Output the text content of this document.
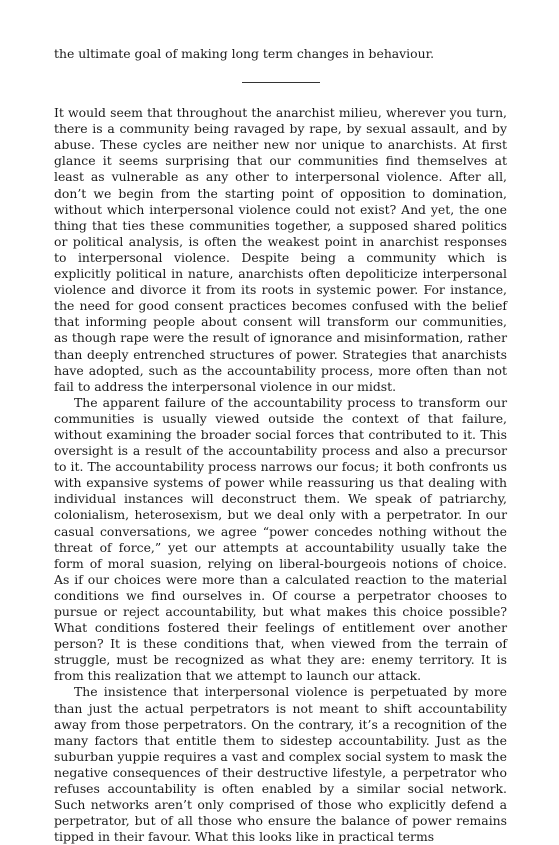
the ultimate goal of making long term changes in behaviour.

It would seem that throughout the anarchist milieu, wherever you turn, there is a community being ravaged by rape, by sexual assault, and by abuse. These cycles are neither new nor unique to anarchists. At first glance it seems surprising that our communities find themselves at least as vulnerable as any other to interpersonal violence. After all, don’t we begin from the starting point of opposition to domination, without which interpersonal violence could not exist? And yet, the one thing that ties these communities together, a supposed shared politics or political analysis, is often the weakest point in anarchist responses to interpersonal violence. Despite being a community which is explicitly political in nature, anarchists often depoliticize interpersonal violence and divorce it from its roots in systemic power. For instance, the need for good consent practices becomes confused with the belief that informing people about consent will transform our communities, as though rape were the result of ignorance and misinformation, rather than deeply entrenched structures of power. Strategies that anarchists have adopted, such as the accountability process, more often than not fail to address the interpersonal violence in our midst.

The apparent failure of the accountability process to transform our communities is usually viewed outside the context of that failure, without examining the broader social forces that contributed to it. This oversight is a result of the accountability process and also a precursor to it. The accountability process narrows our focus; it both confronts us with expansive systems of power while reassuring us that dealing with individual instances will deconstruct them. We speak of patriarchy, colonialism, heterosexism, but we deal only with a perpetrator. In our casual conversations, we agree “power concedes nothing without the threat of force,” yet our attempts at accountability usually take the form of moral suasion, relying on liberal-bourgeois notions of choice. As if our choices were more than a calculated reaction to the material conditions we find ourselves in. Of course a perpetrator chooses to pursue or reject accountability, but what makes this choice possible? What conditions fostered their feelings of entitlement over another person? It is these conditions that, when viewed from the terrain of struggle, must be recognized as what they are: enemy territory. It is from this realization that we attempt to launch our attack.

The insistence that interpersonal violence is perpetuated by more than just the actual perpetrators is not meant to shift accountability away from those perpetrators. On the contrary, it’s a recognition of the many factors that entitle them to sidestep accountability. Just as the suburban yuppie requires a vast and complex social system to mask the negative consequences of their destructive lifestyle, a perpetrator who refuses accountability is often enabled by a similar social network. Such networks aren’t only comprised of those who explicitly defend a perpetrator, but of all those who ensure the balance of power remains tipped in their favour. What this looks like in practical terms
